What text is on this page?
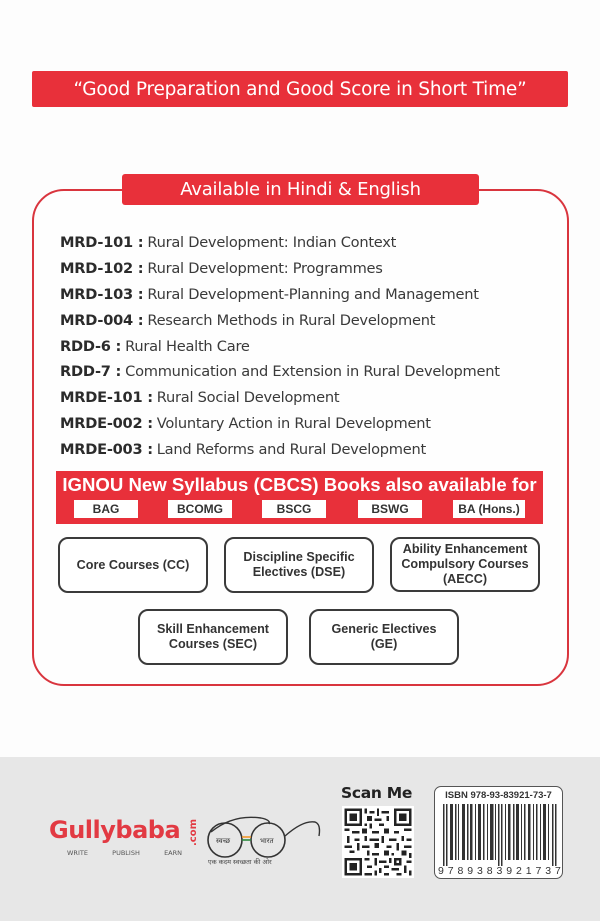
“Good Preparation and Good Score in Short Time”
Available in Hindi & English
MRD-101 : Rural Development: Indian Context
MRD-102 : Rural Development: Programmes
MRD-103 : Rural Development-Planning and Management
MRD-004 : Research Methods in Rural Development
RDD-6 : Rural Health Care
RDD-7 : Communication and Extension in Rural Development
MRDE-101 : Rural Social Development
MRDE-002 : Voluntary Action in Rural Development
MRDE-003 : Land Reforms and Rural Development
IGNOU New Syllabus (CBCS) Books also available for
BAG	BCOMG	BSCG	BSWG	BA (Hons.)
Core Courses (CC)
Discipline Specific
Electives (DSE)
Ability Enhancement
Compulsory Courses
(AECC)
Skill Enhancement
Courses (SEC)
Generic Electives
(GE)
Gullybaba .com
WRITE	PUBLISH	EARN
स्वच्छ	भारत
एक कदम स्वच्छता की ओर
Scan Me	ISBN 978-93-83921-73-7
9 7 8 9 3 8 3 9 2 1 7 3 7
